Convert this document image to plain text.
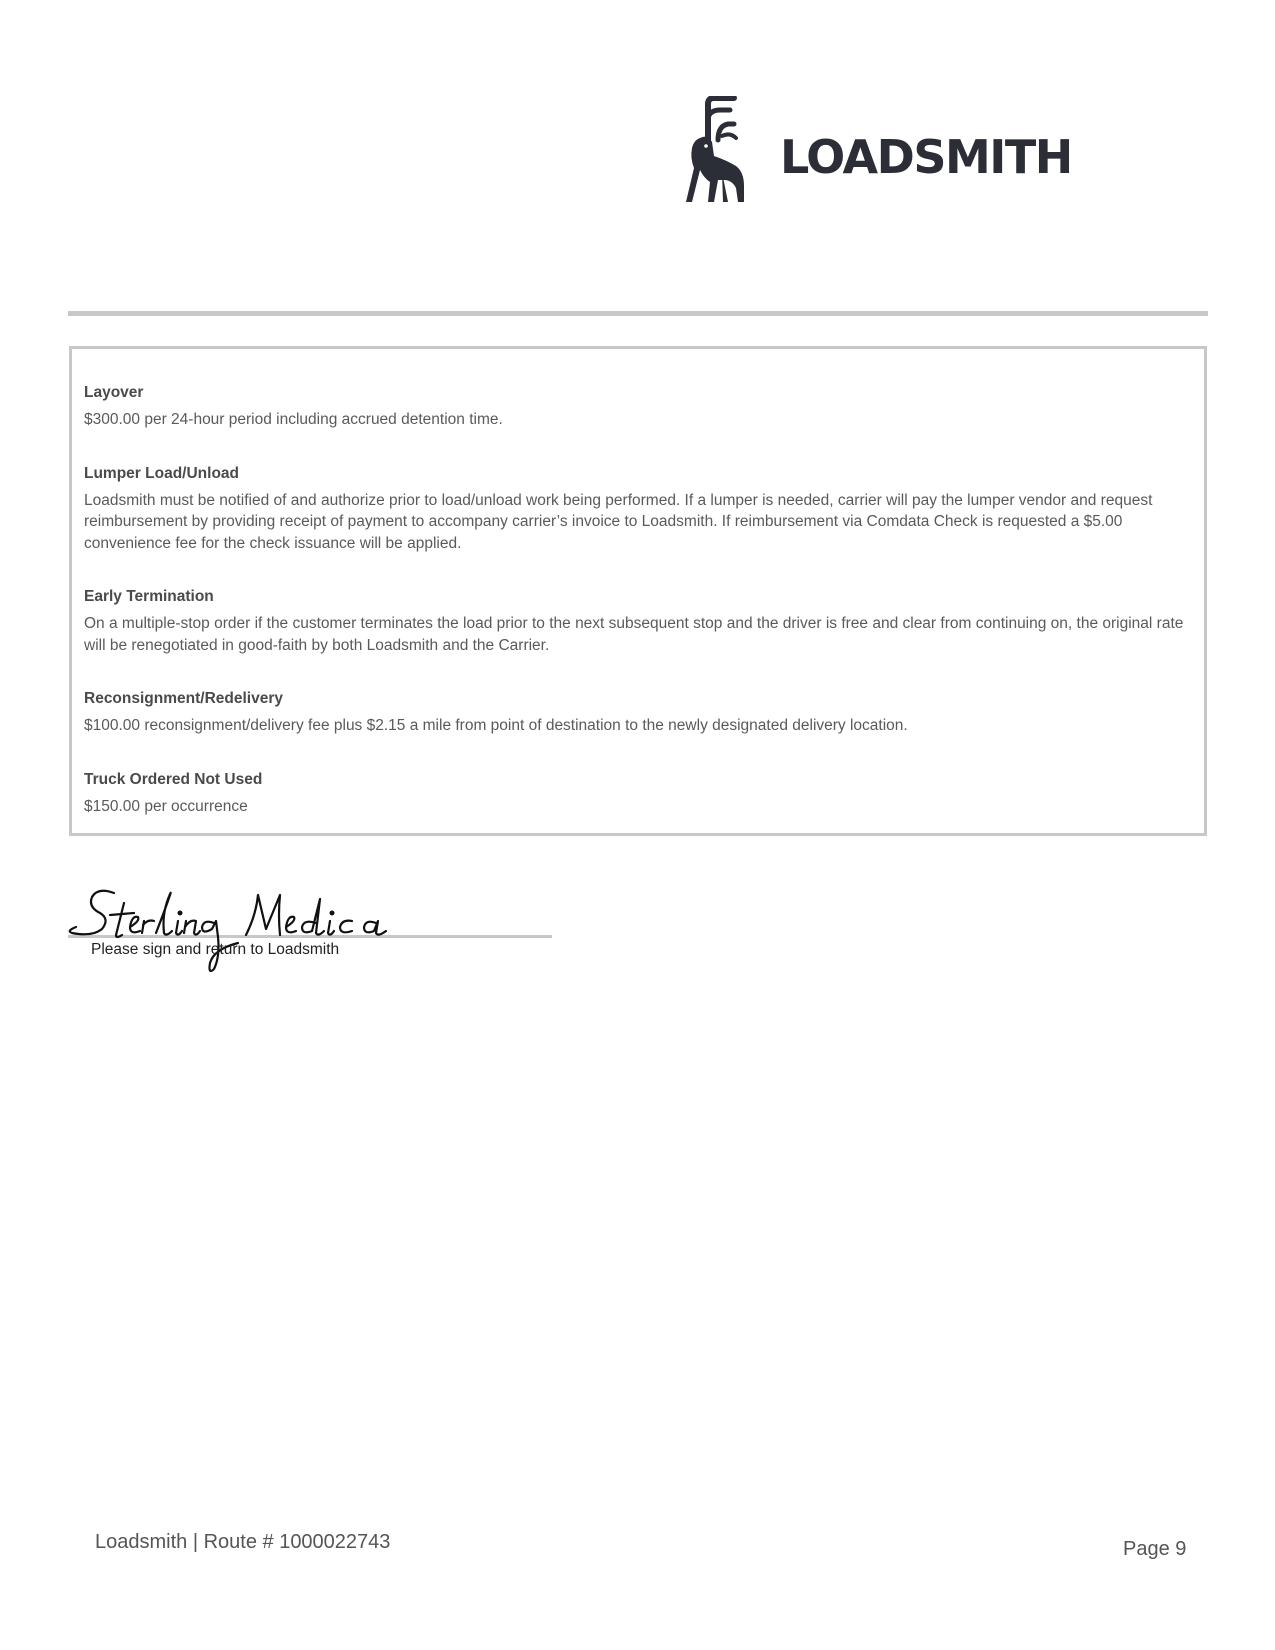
LOADSMITH
Layover
$300.00 per 24-hour period including accrued detention time.
Lumper Load/Unload
Loadsmith must be notified of and authorize prior to load/unload work being performed. If a lumper is needed, carrier will pay the lumper vendor and request reimbursement by providing receipt of payment to accompany carrier’s invoice to Loadsmith. If reimbursement via Comdata Check is requested a $5.00 convenience fee for the check issuance will be applied.
Early Termination
On a multiple-stop order if the customer terminates the load prior to the next subsequent stop and the driver is free and clear from continuing on, the original rate will be renegotiated in good-faith by both Loadsmith and the Carrier.
Reconsignment/Redelivery
$100.00 reconsignment/delivery fee plus $2.15 a mile from point of destination to the newly designated delivery location.
Truck Ordered Not Used
$150.00 per occurrence
Please sign and return to Loadsmith
Loadsmith | Route # 1000022743	Page 9
